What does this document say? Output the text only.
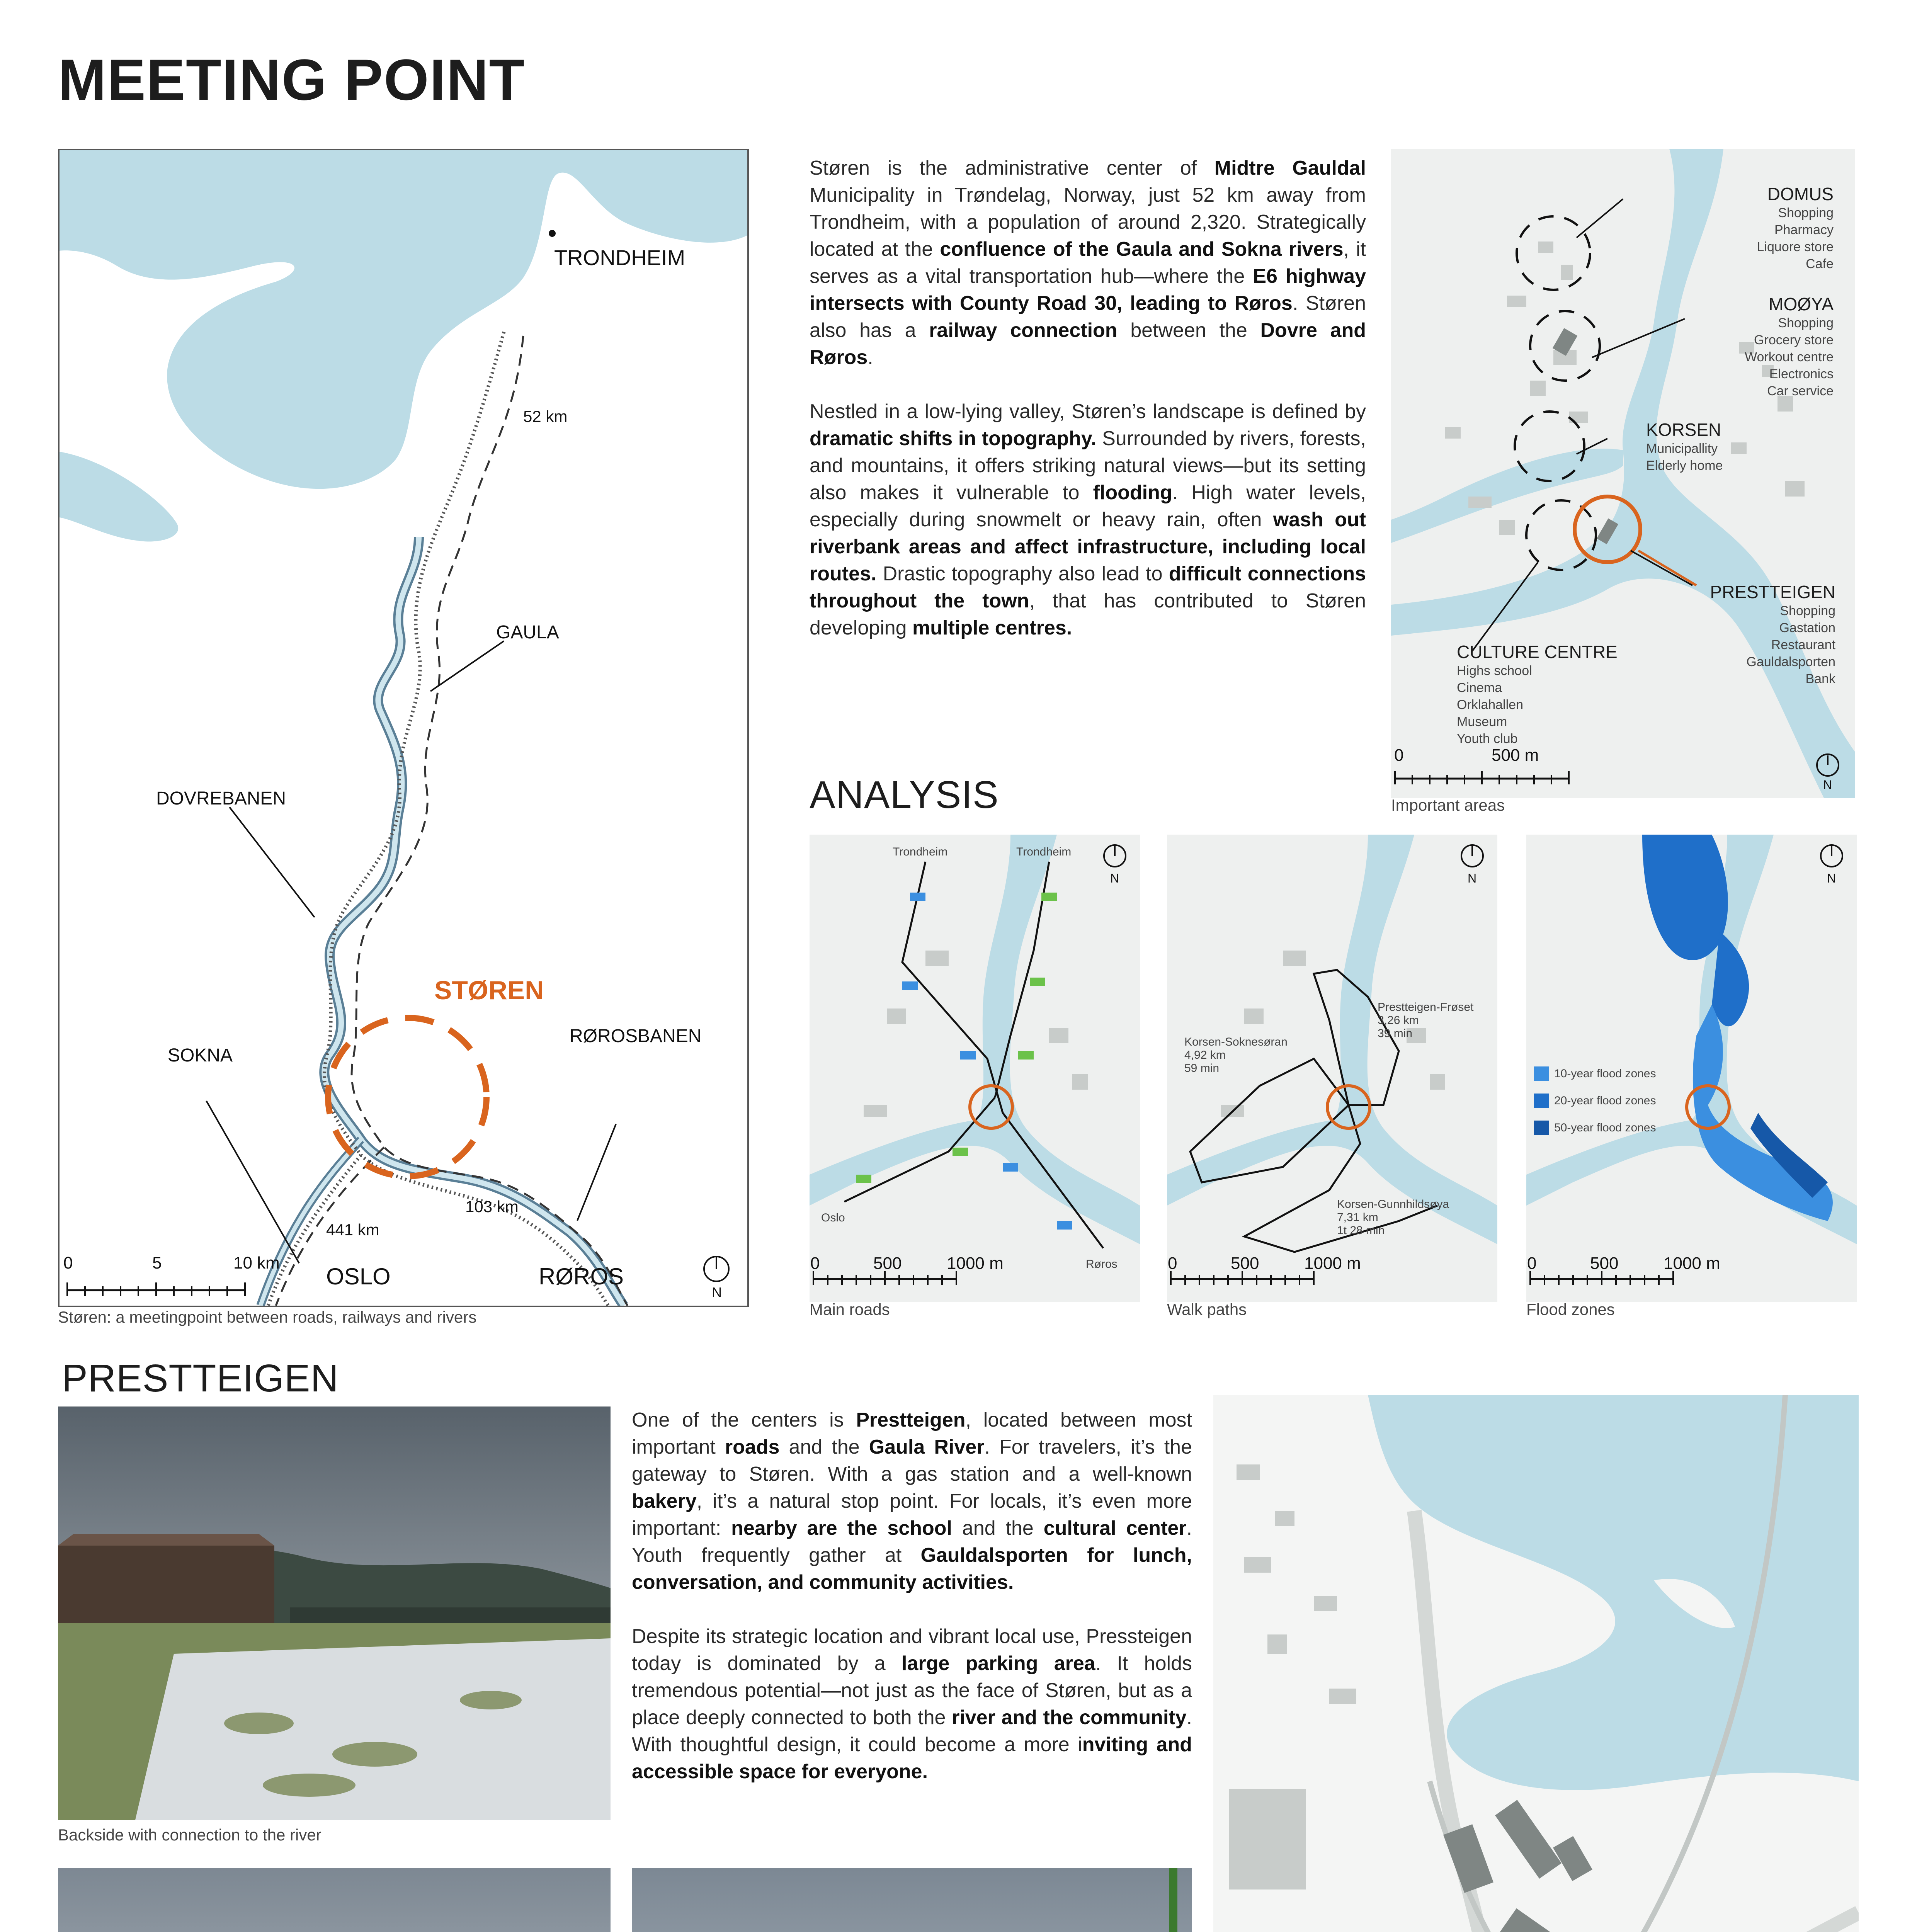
MEETING POINT
TRONDHEIM
52 km
GAULA
DOVREBANEN
STØREN
RØROSBANEN
SOKNA
103 km
441 km
OSLO	RØROS
0	5	10 km
N
Støren: a meetingpoint between roads, railways and rivers

Støren is the administrative center of Midtre Gauldal Municipality in Trøndelag, Norway, just 52 km away from Trondheim, with a population of around 2,320. Strategically located at the confluence of the Gaula and Sokna rivers, it serves as a vital transportation hub—where the E6 highway intersects with County Road 30, leading to Røros. Støren also has a railway connection between the Dovre and Røros.

Nestled in a low-lying valley, Støren’s landscape is defined by dramatic shifts in topography. Surrounded by rivers, forests, and mountains, it offers striking natural views—but its setting also makes it vulnerable to flooding. High water levels, especially during snowmelt or heavy rain, often wash out riverbank areas and affect infrastructure, including local routes. Drastic topography also lead to difficult connections throughout the town, that has contributed to Støren developing multiple centres.

DOMUS
Shopping
Pharmacy
Liquore store
Cafe
MOØYA
Shopping
Grocery store
Workout centre
Electronics
Car service
KORSEN
Municipallity
Elderly home
PRESTTEIGEN
Shopping
Gastation
Restaurant
Gauldalsporten
Bank
CULTURE CENTRE
Highs school
Cinema
Orklahallen
Museum
Youth club
0	500 m
N
Important areas
ANALYSIS
Trondheim	Trondheim
Oslo
Røros
0	500	1000 m
N
Main roads
Korsen-Soknesøran
4,92 km
59 min
Prestteigen-Frøset
3,26 km
39 min
Korsen-Gunnhildsøya
7,31 km
1t 28 min
0	500	1000 m
N
Walk paths
10-year flood zones
20-year flood zones
50-year flood zones
0	500	1000 m
N
Flood zones
PRESTTEIGEN
Backside with connection to the river

One of the centers is Prestteigen, located between most important roads and the Gaula River. For travelers, it’s the gateway to Støren. With a gas station and a well-known bakery, it’s a natural stop point. For locals, it’s even more important: nearby are the school and the cultural center. Youth frequently gather at Gauldalsporten for lunch, conversation, and community activities.

Despite its strategic location and vibrant local use, Pressteigen today is dominated by a large parking area. It holds tremendous potential—not just as the face of Støren, but as a place deeply connected to both the river and the community. With thoughtful design, it could become a more inviting and accessible space for everyone.
